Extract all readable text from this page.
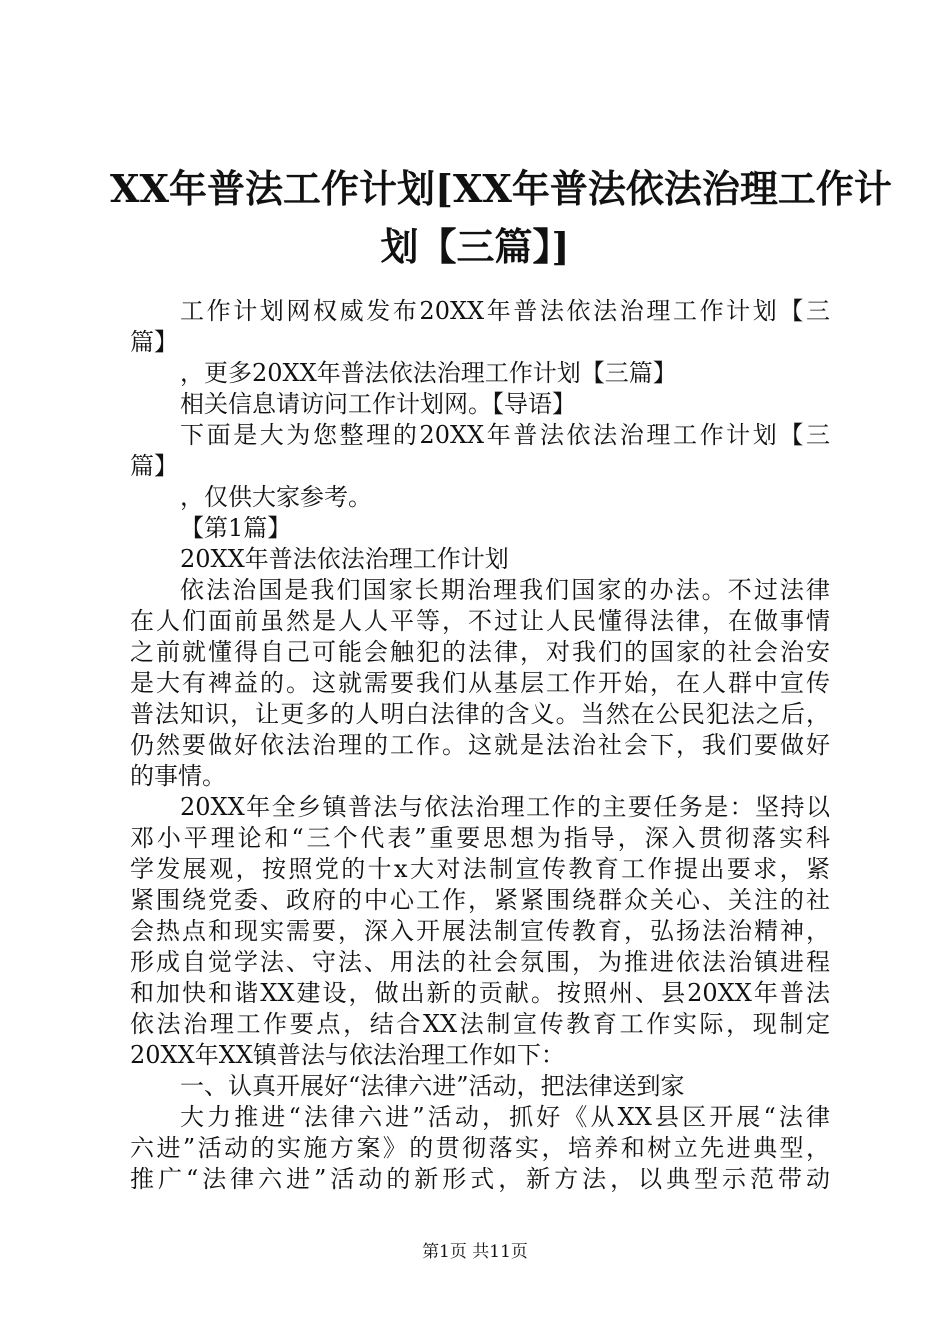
XX年普法工作计划[XX年普法依法治理工作计
划【三篇】]
工作计划网权威发布20XX年普法依法治理工作计划【三
篇】
，更多20XX年普法依法治理工作计划【三篇】
相关信息请访问工作计划网。【导语】
下面是大为您整理的20XX年普法依法治理工作计划【三
篇】
，仅供大家参考。
【第1篇】
20XX年普法依法治理工作计划
依法治国是我们国家长期治理我们国家的办法。不过法律
在人们面前虽然是人人平等，不过让人民懂得法律，在做事情
之前就懂得自己可能会触犯的法律，对我们的国家的社会治安
是大有裨益的。这就需要我们从基层工作开始，在人群中宣传
普法知识，让更多的人明白法律的含义。当然在公民犯法之后，
仍然要做好依法治理的工作。这就是法治社会下，我们要做好
的事情。
20XX年全乡镇普法与依法治理工作的主要任务是：坚持以
邓小平理论和“三个代表”重要思想为指导，深入贯彻落实科
学发展观，按照党的十x大对法制宣传教育工作提出要求，紧
紧围绕党委、政府的中心工作，紧紧围绕群众关心、关注的社
会热点和现实需要，深入开展法制宣传教育，弘扬法治精神，
形成自觉学法、守法、用法的社会氛围，为推进依法治镇进程
和加快和谐XX建设，做出新的贡献。按照州、县20XX年普法
依法治理工作要点，结合XX法制宣传教育工作实际，现制定
20XX年XX镇普法与依法治理工作如下：
一、认真开展好“法律六进”活动，把法律送到家
大力推进“法律六进”活动，抓好《从XX县区开展“法律
六进”活动的实施方案》的贯彻落实，培养和树立先进典型，
推广“法律六进”活动的新形式，新方法，以典型示范带动
第1页 共11页
